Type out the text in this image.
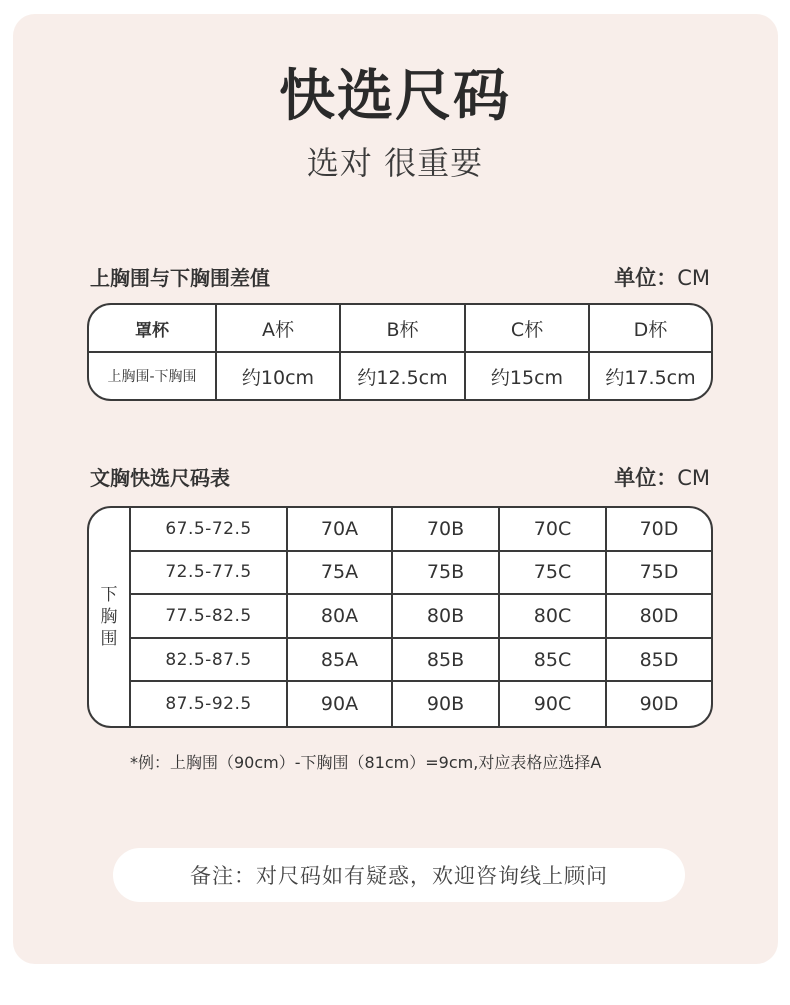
快选尺码
选对 很重要
上胸围与下胸围差值	单位：CM
罩杯	A杯	B杯	C杯	D杯
上胸围-下胸围	约10cm	约12.5cm	约15cm	约17.5cm
文胸快选尺码表	单位：CM
下
胸
围
67.5-72.5	70A	70B	70C	70D
72.5-77.5	75A	75B	75C	75D
77.5-82.5	80A	80B	80C	80D
82.5-87.5	85A	85B	85C	85D
87.5-92.5	90A	90B	90C	90D
*例：上胸围（90cm）-下胸围（81cm）=9cm,对应表格应选择A
备注：对尺码如有疑惑，欢迎咨询线上顾问
